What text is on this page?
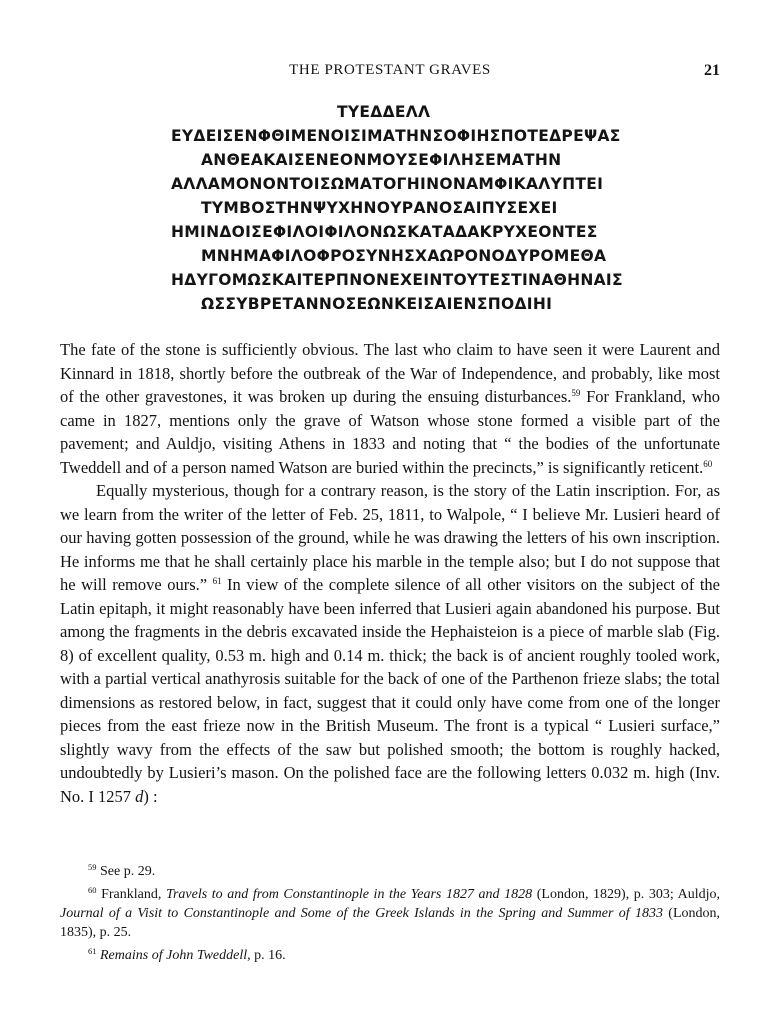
THE PROTESTANT GRAVES	21
ΤΥΕΔΔΕΛΛ
ΕΥΔΕΙΣΕΝΦΘΙΜΕΝΟΙΣΙΜΑΤΗΝΣΟΦΙΗΣΠΟΤΕΔΡΕΨΑΣ
ΑΝΘΕΑΚΑΙΣΕΝΕΟΝΜΟΥΣΕΦΙΛΗΣΕΜΑΤΗΝ
ΑΛΛΑΜΟΝΟΝΤΟΙΣΩΜΑΤΟΓΗΙΝΟΝΑΜΦΙΚΑΛΥΠΤΕΙ
ΤΥΜΒΟΣΤΗΝΨΥΧΗΝΟΥΡΑΝΟΣΑΙΠΥΣΕΧΕΙ
ΗΜΙΝΔΟΙΣΕΦΙΛΟΙΦΙΛΟΝΩΣΚΑΤΑΔΑΚΡΥΧΕΟΝΤΕΣ
ΜΝΗΜΑΦΙΛΟΦΡΟΣΥΝΗΣΧΑΩΡΟΝΟΔΥΡΟΜΕΘΑ
ΗΔΥΓΟΜΩΣΚΑΙΤΕΡΠΝΟΝΕΧΕΙΝΤΟΥΤΕΣΤΙΝΑΘΗΝΑΙΣ
ΩΣΣΥΒΡΕΤΑΝΝΟΣΕΩΝΚΕΙΣΑΙΕΝΣΠΟΔΙΗΙ

The fate of the stone is sufficiently obvious. The last who claim to have seen it were Laurent and Kinnard in 1818, shortly before the outbreak of the War of Independence, and probably, like most of the other gravestones, it was broken up during the ensuing disturbances.$^{59}$ For Frankland, who came in 1827, mentions only the grave of Watson whose stone formed a visible part of the pavement; and Auldjo, visiting Athens in 1833 and noting that “ the bodies of the unfortunate Tweddell and of a person named Watson are buried within the precincts,” is significantly reticent.$^{60}$

Equally mysterious, though for a contrary reason, is the story of the Latin inscription. For, as we learn from the writer of the letter of Feb. 25, 1811, to Walpole, “ I believe Mr. Lusieri heard of our having gotten possession of the ground, while he was drawing the letters of his own inscription. He informs me that he shall certainly place his marble in the temple also; but I do not suppose that he will remove ours.” $^{61}$ In view of the complete silence of all other visitors on the subject of the Latin epitaph, it might reasonably have been inferred that Lusieri again abandoned his purpose. But among the fragments in the debris excavated inside the Hephaisteion is a piece of marble slab (Fig. 8) of excellent quality, 0.53 m. high and 0.14 m. thick; the back is of ancient roughly tooled work, with a partial vertical anathyrosis suitable for the back of one of the Parthenon frieze slabs; the total dimensions as restored below, in fact, suggest that it could only have come from one of the longer pieces from the east frieze now in the British Museum. The front is a typical “ Lusieri surface,” slightly wavy from the effects of the saw but polished smooth; the bottom is roughly hacked, undoubtedly by Lusieri’s mason. On the polished face are the following letters 0.032 m. high (Inv. No. I 1257 d) :

$^{59}$ See p. 29.

$^{60}$ Frankland, Travels to and from Constantinople in the Years 1827 and 1828 (London, 1829), p. 303; Auldjo, Journal of a Visit to Constantinople and Some of the Greek Islands in the Spring and Summer of 1833 (London, 1835), p. 25.

$^{61}$ Remains of John Tweddell, p. 16.
